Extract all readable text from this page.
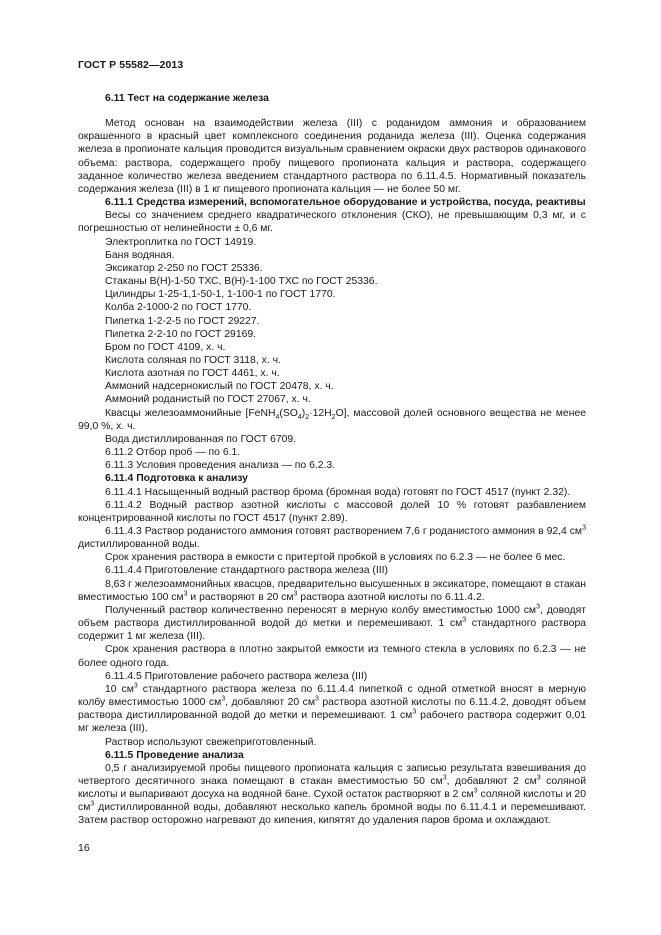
ГОСТ Р 55582—2013

6.11 Тест на содержание железа

Метод основан на взаимодействии железа (III) с роданидом аммония и образованием окрашенного в красный цвет комплексного соединения роданида железа (III). Оценка содержания железа в пропионате кальция проводится визуальным сравнением окраски двух растворов одинакового объема: раствора, содержащего пробу пищевого пропионата кальция и раствора, содержащего заданное количество железа введением стандартного раствора по 6.11.4.5. Нормативный показатель содержания железа (III) в 1 кг пищевого пропионата кальция — не более 50 мг.

6.11.1 Средства измерений, вспомогательное оборудование и устройства, посуда, реактивы

Весы со значением среднего квадратического отклонения (СКО), не превышающим 0,3 мг, и с погрешностью от нелинейности ± 0,6 мг.

Электроплитка по ГОСТ 14919.

Баня водяная.

Эксикатор 2-250 по ГОСТ 25336.

Стаканы В(Н)-1-50 ТХС, В(Н)-1-100 ТХС по ГОСТ 25336.

Цилиндры 1-25-1,1-50-1, 1-100-1 по ГОСТ 1770.

Колба 2-1000-2 по ГОСТ 1770.

Пипетка 1-2-2-5 по ГОСТ 29227.

Пипетка 2-2-10 по ГОСТ 29169.

Бром по ГОСТ 4109, х. ч.

Кислота соляная по ГОСТ 3118, х. ч.

Кислота азотная по ГОСТ 4461, х. ч.

Аммоний надсернокислый по ГОСТ 20478, х. ч.

Аммоний роданистый по ГОСТ 27067, х. ч.

Квасцы железоаммонийные $[FeNH_4(SO_4)_2\cdot 12H_2O]$, массовой долей основного вещества не менее 99,0 %, х. ч.

Вода дистиллированная по ГОСТ 6709.

6.11.2 Отбор проб — по 6.1.

6.11.3 Условия проведения анализа — по 6.2.3.

6.11.4 Подготовка к анализу

6.11.4.1 Насыщенный водный раствор брома (бромная вода) готовят по ГОСТ 4517 (пункт 2.32).

6.11.4.2 Водный раствор азотной кислоты с массовой долей 10 % готовят разбавлением концентрированной кислоты по ГОСТ 4517 (пункт 2.89).

6.11.4.3 Раствор роданистого аммония готовят растворением 7,6 г роданистого аммония в 92,4 $см^3$ дистиллированной воды.

Срок хранения раствора в емкости с притертой пробкой в условиях по 6.2.3 — не более 6 мес.

6.11.4.4 Приготовление стандартного раствора железа (III)

8,63 г железоаммонийных квасцов, предварительно высушенных в эксикаторе, помещают в стакан вместимостью 100 $см^3$ и растворяют в 20 $см^3$ раствора азотной кислоты по 6.11.4.2.

Полученный раствор количественно переносят в мерную колбу вместимостью 1000 $см^3$, доводят объем раствора дистиллированной водой до метки и перемешивают. 1 $см^3$ стандартного раствора содержит 1 мг железа (III).

Срок хранения раствора в плотно закрытой емкости из темного стекла в условиях по 6.2.3 — не более одного года.

6.11.4.5 Приготовление рабочего раствора железа (III)

10 $см^3$ стандартного раствора железа по 6.11.4.4 пипеткой с одной отметкой вносят в мерную колбу вместимостью 1000 $см^3$, добавляют 20 $см^3$ раствора азотной кислоты по 6.11.4.2, доводят объем раствора дистиллированной водой до метки и перемешивают. 1 $см^3$ рабочего раствора содержит 0,01 мг железа (III).

Раствор используют свежеприготовленный.

6.11.5 Проведение анализа

0,5 г анализируемой пробы пищевого пропионата кальция с записью результата взвешивания до четвертого десятичного знака помещают в стакан вместимостью 50 $см^3$, добавляют 2 $см^3$ соляной кислоты и выпаривают досуха на водяной бане. Сухой остаток растворяют в 2 $см^3$ соляной кислоты и 20 $см^3$ дистиллированной воды, добавляют несколько капель бромной воды по 6.11.4.1 и перемешивают. Затем раствор осторожно нагревают до кипения, кипятят до удаления паров брома и охлаждают.

16
